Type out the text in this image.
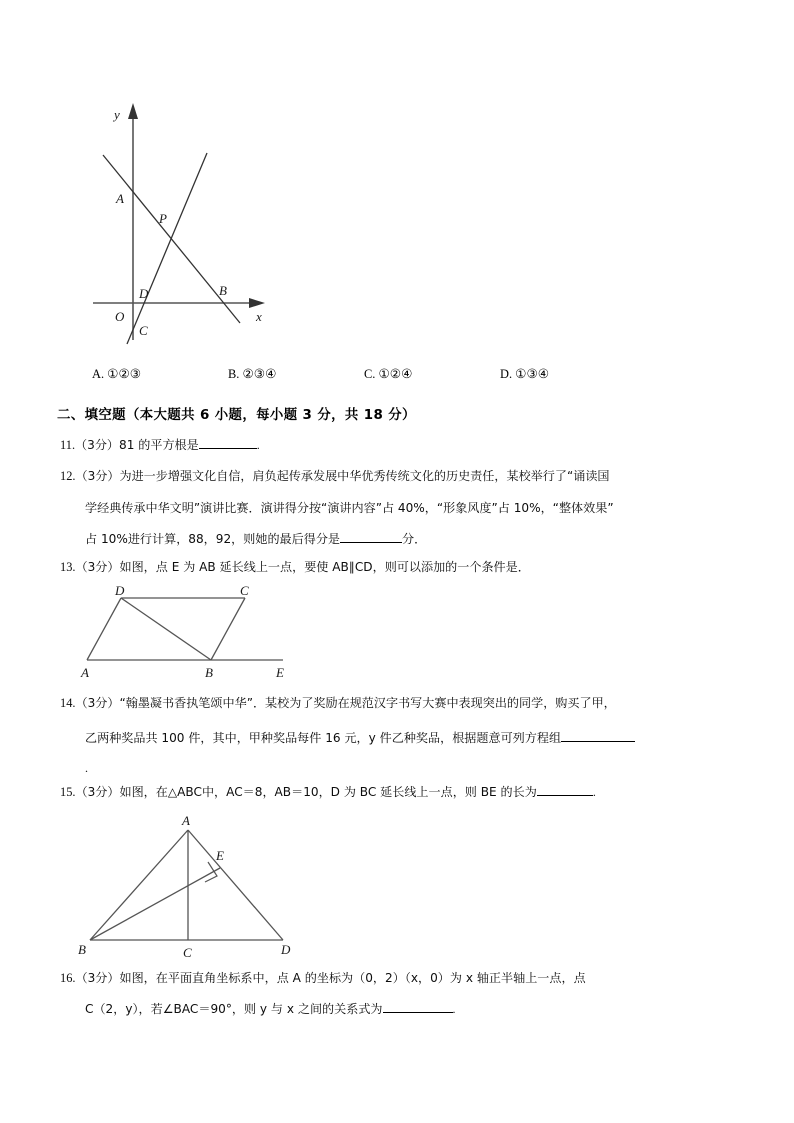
A
P
D	B
O
C
y
x
A. ①②③	B. ②③④	C. ①②④	D. ①③④
二、填空题（本大题共 6 小题，每小题 3 分，共 18 分）
11.（3分）81 的平方根是	.
12.（3分）为进一步增强文化自信，肩负起传承发展中华优秀传统文化的历史责任，某校举行了“诵读国
学经典传承中华文明”演讲比赛．演讲得分按“演讲内容”占 40%，“形象风度”占 10%，“整体效果”
占 10%进行计算，88，92，则她的最后得分是	分．
13.（3分）如图，点 E 为 AB 延长线上一点，要使 AB∥CD，则可以添加的一个条件是．
D	C
A	B	E
14.（3分）“翰墨凝书香执笔颂中华”．某校为了奖励在规范汉字书写大赛中表现突出的同学，购买了甲，
乙两种奖品共 100 件，其中，甲种奖品每件 16 元，y 件乙种奖品，根据题意可列方程组
.
15.（3分）如图，在△ABC中，AC＝8，AB＝10，D 为 BC 延长线上一点，则 BE 的长为	.
A
E
B	C	D
16.（3分）如图，在平面直角坐标系中，点 A 的坐标为（0，2）（x，0）为 x 轴正半轴上一点，点
C（2，y），若∠BAC＝90°，则 y 与 x 之间的关系式为	.
